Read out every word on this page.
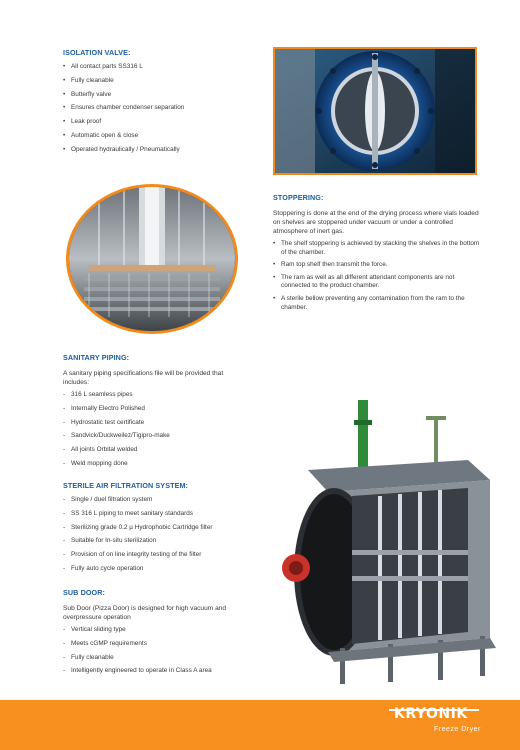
ISOLATION VALVE:
• All contact parts SS316 L
• Fully cleanable
• Butterfly valve
• Ensures chamber condenser separation
• Leak proof
• Automatic open & close
• Operated hydraulically / Pneumatically
STOPPERING:

Stoppering is done at the end of the drying process where vials loaded on shelves are stoppered under vacuum or under a controlled atmosphere of inert gas.

• The shelf stoppering is achieved by stacking the shelves in the bottom of the chamber.
• Ram top shelf then transmit the force.
• The ram as well as all different attendant components are not connected to the product chamber.
• A sterile bellow preventing any contamination from the ram to the chamber.
SANITARY PIPING:

A sanitary piping specifications file will be provided that includes:

- 316 L seamless pipes
- Internally Electro Polished
- Hydrostatic test certificate
- Sandvick/Duckweilez/Tigipro-make
- All joints Orbital welded
- Weld mopping done
STERILE AIR FILTRATION SYSTEM:
- Single / duel filtration system
- SS 316 L piping to meet sanitary standards
- Sterilizing grade 0.2 µ Hydrophobic Cartridge filter
- Suitable for In-situ sterilization
- Provision of on line integrity testing of the filter
- Fully auto cycle operation
SUB DOOR:

Sub Door (Pizza Door) is designed for high vacuum and overpressure operation

- Vertical sliding type
- Meets cGMP requirements
- Fully cleanable
- Intelligently engineered to operate in Class A area
KRYONIK
Freeze Dryer
